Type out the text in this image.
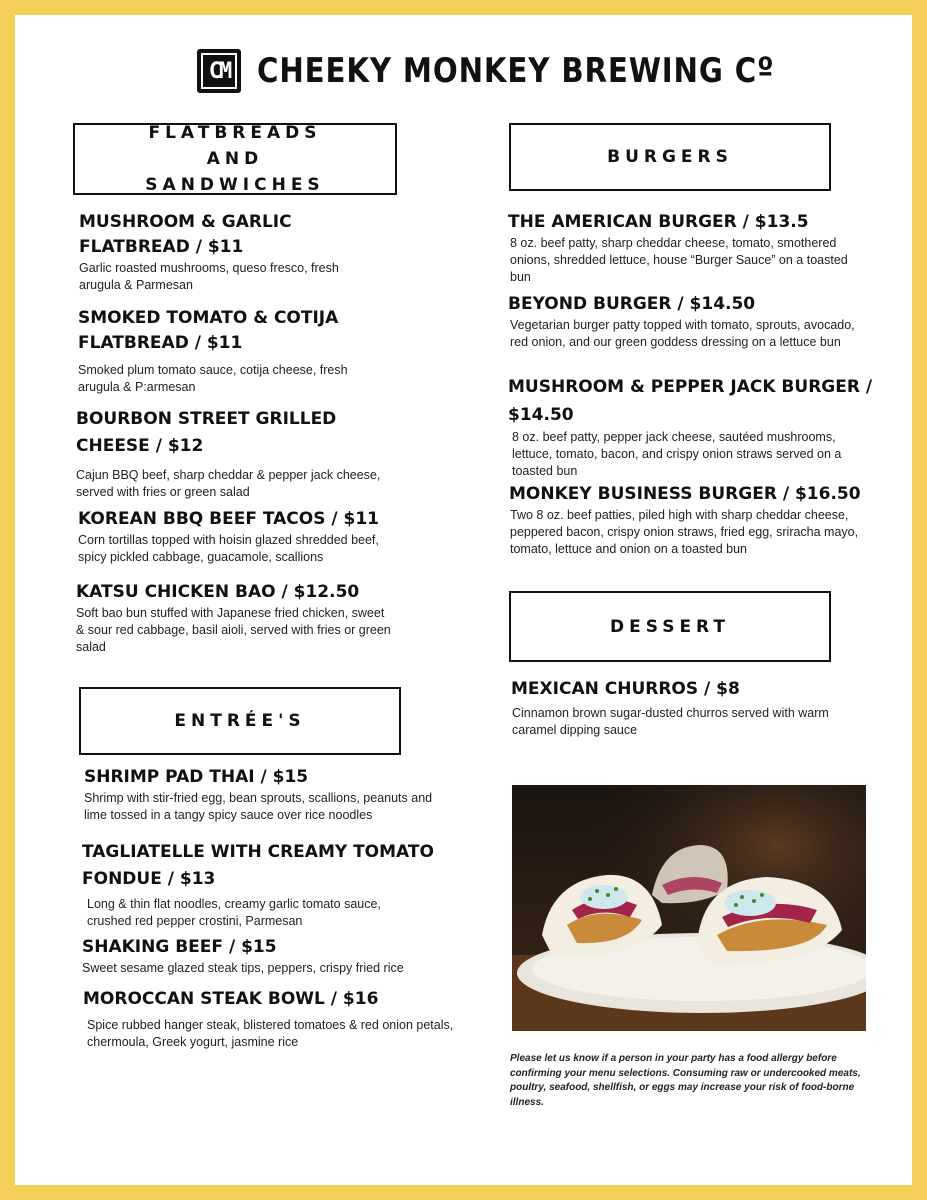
CM CHEEKY MONKEY BREWING Cº
FLATBREADS AND SANDWICHES
MUSHROOM & GARLIC FLATBREAD / $11
Garlic roasted mushrooms, queso fresco, fresh arugula & Parmesan
SMOKED TOMATO & COTIJA FLATBREAD / $11
Smoked plum tomato sauce, cotija cheese, fresh arugula & P:armesan
BOURBON STREET GRILLED CHEESE / $12
Cajun BBQ beef, sharp cheddar & pepper jack cheese, served with fries or green salad
KOREAN BBQ BEEF TACOS / $11
Corn tortillas topped with hoisin glazed shredded beef, spicy pickled cabbage, guacamole, scallions
KATSU CHICKEN BAO / $12.50
Soft bao bun stuffed with Japanese fried chicken, sweet & sour red cabbage, basil aioli, served with fries or green salad
ENTRÉE'S
SHRIMP PAD THAI / $15
Shrimp with stir-fried egg, bean sprouts, scallions, peanuts and lime tossed in a tangy spicy sauce over rice noodles
TAGLIATELLE WITH CREAMY TOMATO FONDUE / $13
Long & thin flat noodles, creamy garlic tomato sauce, crushed red pepper crostini, Parmesan
SHAKING BEEF / $15
Sweet sesame glazed steak tips, peppers, crispy fried rice
MOROCCAN STEAK BOWL / $16
Spice rubbed hanger steak, blistered tomatoes & red onion petals, chermoula, Greek yogurt, jasmine rice
BURGERS
THE AMERICAN BURGER / $13.5
8 oz. beef patty, sharp cheddar cheese, tomato, smothered onions, shredded lettuce, house “Burger Sauce” on a toasted bun
BEYOND BURGER / $14.50
Vegetarian burger patty topped with tomato, sprouts, avocado, red onion, and our green goddess dressing on a lettuce bun
MUSHROOM & PEPPER JACK BURGER / $14.50
8 oz. beef patty, pepper jack cheese, sautéed mushrooms, lettuce, tomato, bacon, and crispy onion straws served on a toasted bun
MONKEY BUSINESS BURGER / $16.50
Two 8 oz. beef patties, piled high with sharp cheddar cheese, peppered bacon, crispy onion straws, fried egg, sriracha mayo, tomato, lettuce and onion on a toasted bun
DESSERT
MEXICAN CHURROS / $8
Cinnamon brown sugar-dusted churros served with warm caramel dipping sauce
Please let us know if a person in your party has a food allergy before confirming your menu selections. Consuming raw or undercooked meats, poultry, seafood, shellfish, or eggs may increase your risk of food-borne illness.
